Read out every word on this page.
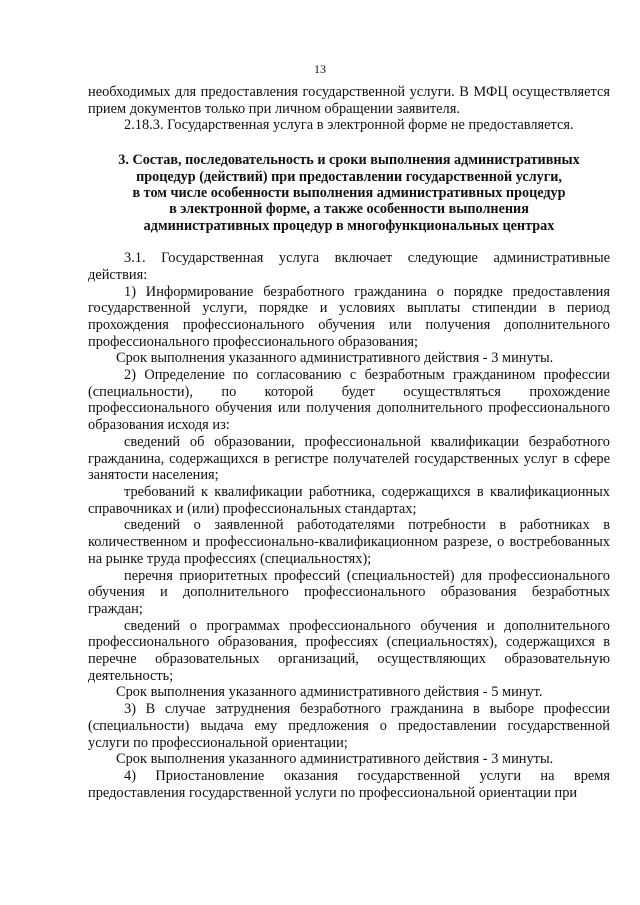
13

необходимых для предоставления государственной услуги. В МФЦ осуществляется прием документов только при личном обращении заявителя.

2.18.3. Государственная услуга в электронной форме не предоставляется.

3. Состав, последовательность и сроки выполнения административных
процедур (действий) при предоставлении государственной услуги,
в том числе особенности выполнения административных процедур
в электронной форме, а также особенности выполнения
административных процедур в многофункциональных центрах

3.1. Государственная услуга включает следующие административные действия:

1) Информирование безработного гражданина о порядке предоставления государственной услуги, порядке и условиях выплаты стипендии в период прохождения профессионального обучения или получения дополнительного профессионального профессионального образования;

Срок выполнения указанного административного действия - 3 минуты.

2) Определение по согласованию с безработным гражданином профессии (специальности), по которой будет осуществляться прохождение профессионального обучения или получения дополнительного профессионального образования исходя из:

сведений об образовании, профессиональной квалификации безработного гражданина, содержащихся в регистре получателей государственных услуг в сфере занятости населения;

требований к квалификации работника, содержащихся в квалификационных справочниках и (или) профессиональных стандартах;

сведений о заявленной работодателями потребности в работниках в количественном и профессионально-квалификационном разрезе, о востребованных на рынке труда профессиях (специальностях);

перечня приоритетных профессий (специальностей) для профессионального обучения и дополнительного профессионального образования безработных граждан;

сведений о программах профессионального обучения и дополнительного профессионального образования, профессиях (специальностях), содержащихся в перечне образовательных организаций, осуществляющих образовательную деятельность;

Срок выполнения указанного административного действия - 5 минут.

3) В случае затруднения безработного гражданина в выборе профессии (специальности) выдача ему предложения о предоставлении государственной услуги по профессиональной ориентации;

Срок выполнения указанного административного действия - 3 минуты.

4) Приостановление оказания государственной услуги на время предоставления государственной услуги по профессиональной ориентации при
